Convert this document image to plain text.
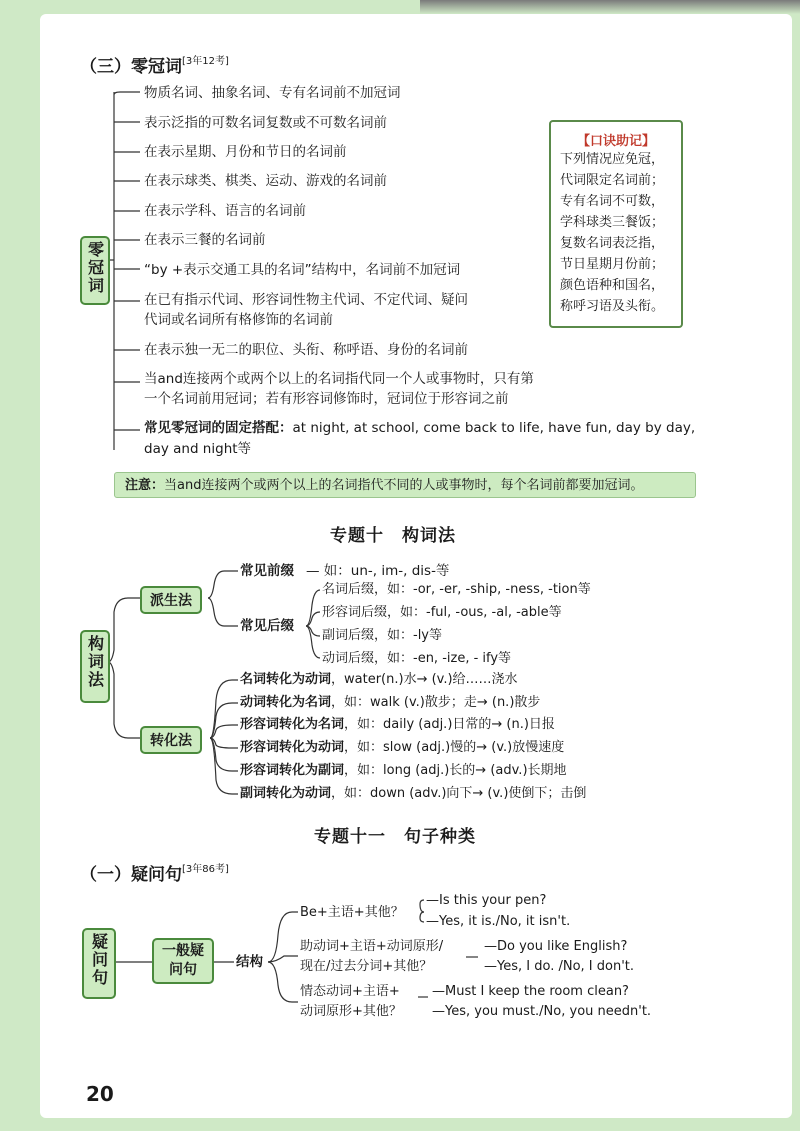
（三）零冠词[3年12考]
零冠词
物质名词、抽象名词、专有名词前不加冠词
表示泛指的可数名词复数或不可数名词前
在表示星期、月份和节日的名词前
在表示球类、棋类、运动、游戏的名词前
在表示学科、语言的名词前
在表示三餐的名词前
“by +表示交通工具的名词”结构中，名词前不加冠词
在已有指示代词、形容词性物主代词、不定代词、疑问
代词或名词所有格修饰的名词前
在表示独一无二的职位、头衔、称呼语、身份的名词前
当and连接两个或两个以上的名词指代同一个人或事物时，只有第
一个名词前用冠词；若有形容词修饰时，冠词位于形容词之前
常见零冠词的固定搭配：at night, at school, come back to life, have fun, day by day,
day and night等
【口诀助记】
下列情况应免冠，
代词限定名词前；
专有名词不可数，
学科球类三餐饭；
复数名词表泛指，
节日星期月份前；
颜色语种和国名，
称呼习语及头衔。
注意：当and连接两个或两个以上的名词指代不同的人或事物时，每个名词前都要加冠词。
专题十　构词法
构词法
派生法
常见前缀 — 如：un-, im-, dis-等
常见后缀
名词后缀，如：-or, -er, -ship, -ness, -tion等
形容词后缀，如：-ful, -ous, -al, -able等
副词后缀，如：-ly等
动词后缀，如：-en, -ize, - ify等
转化法
名词转化为动词，water(n.)水→ (v.)给……浇水
动词转化为名词，如：walk (v.)散步；走→ (n.)散步
形容词转化为名词，如：daily (adj.)日常的→ (n.)日报
形容词转化为动词，如：slow (adj.)慢的→ (v.)放慢速度
形容词转化为副词，如：long (adj.)长的→ (adv.)长期地
副词转化为动词，如：down (adv.)向下→ (v.)使倒下；击倒
专题十一　句子种类
（一）疑问句[3年86考]
疑问句	一般疑问句	结构
Be+主语+其他？
—Is this your pen?
—Yes, it is./No, it isn't.
助动词+主语+动词原形/
现在/过去分词+其他？
—Do you like English?
—Yes, I do. /No, I don't.
情态动词+主语+
动词原形+其他？
—Must I keep the room clean?
—Yes, you must./No, you needn't.
20
